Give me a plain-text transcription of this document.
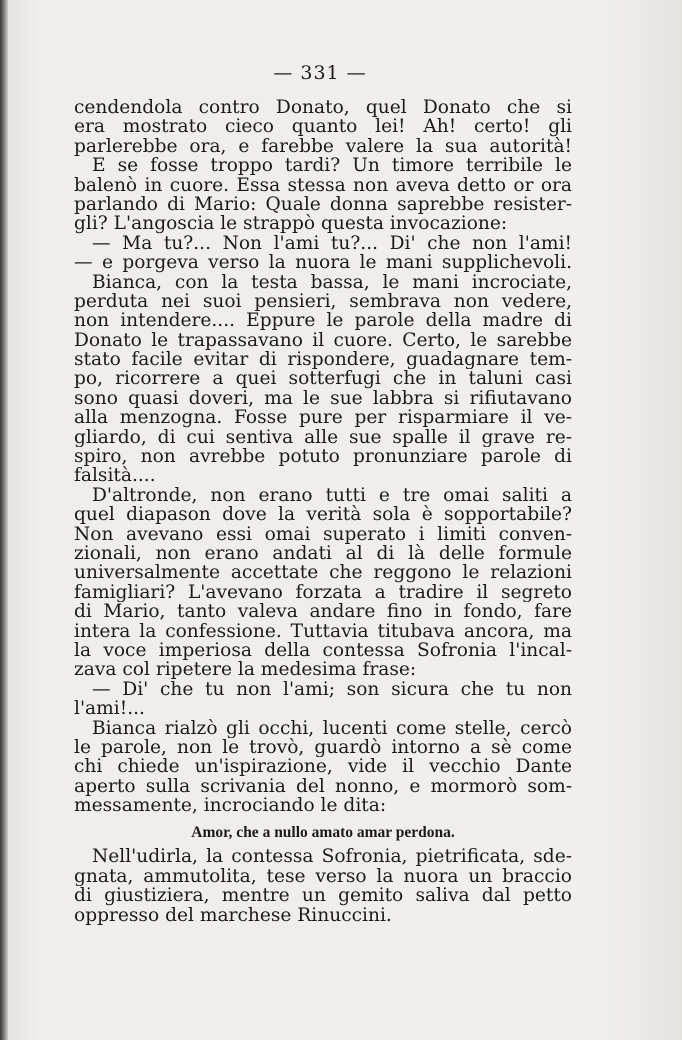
— 331 —
cendendola contro Donato, quel Donato che si
era mostrato cieco quanto lei! Ah! certo! gli
parlerebbe ora, e farebbe valere la sua autorità!
E se fosse troppo tardi? Un timore terribile le
balenò in cuore. Essa stessa non aveva detto or ora
parlando di Mario: Quale donna saprebbe resister-
gli? L'angoscia le strappò questa invocazione:
— Ma tu?... Non l'ami tu?... Di' che non l'ami!
— e porgeva verso la nuora le mani supplichevoli.
Bianca, con la testa bassa, le mani incrociate,
perduta nei suoi pensieri, sembrava non vedere,
non intendere.... Eppure le parole della madre di
Donato le trapassavano il cuore. Certo, le sarebbe
stato facile evitar di rispondere, guadagnare tem-
po, ricorrere a quei sotterfugi che in taluni casi
sono quasi doveri, ma le sue labbra si rifiutavano
alla menzogna. Fosse pure per risparmiare il ve-
gliardo, di cui sentiva alle sue spalle il grave re-
spiro, non avrebbe potuto pronunziare parole di
falsità....
D'altronde, non erano tutti e tre omai saliti a
quel diapason dove la verità sola è sopportabile?
Non avevano essi omai superato i limiti conven-
zionali, non erano andati al di là delle formule
universalmente accettate che reggono le relazioni
famigliari? L'avevano forzata a tradire il segreto
di Mario, tanto valeva andare fino in fondo, fare
intera la confessione. Tuttavia titubava ancora, ma
la voce imperiosa della contessa Sofronia l'incal-
zava col ripetere la medesima frase:
— Di' che tu non l'ami; son sicura che tu non
l'ami!...
Bianca rialzò gli occhi, lucenti come stelle, cercò
le parole, non le trovò, guardò intorno a sè come
chi chiede un'ispirazione, vide il vecchio Dante
aperto sulla scrivania del nonno, e mormorò som-
messamente, incrociando le dita:
Amor, che a nullo amato amar perdona.
Nell'udirla, la contessa Sofronia, pietrificata, sde-
gnata, ammutolita, tese verso la nuora un braccio
di giustiziera, mentre un gemito saliva dal petto
oppresso del marchese Rinuccini.
